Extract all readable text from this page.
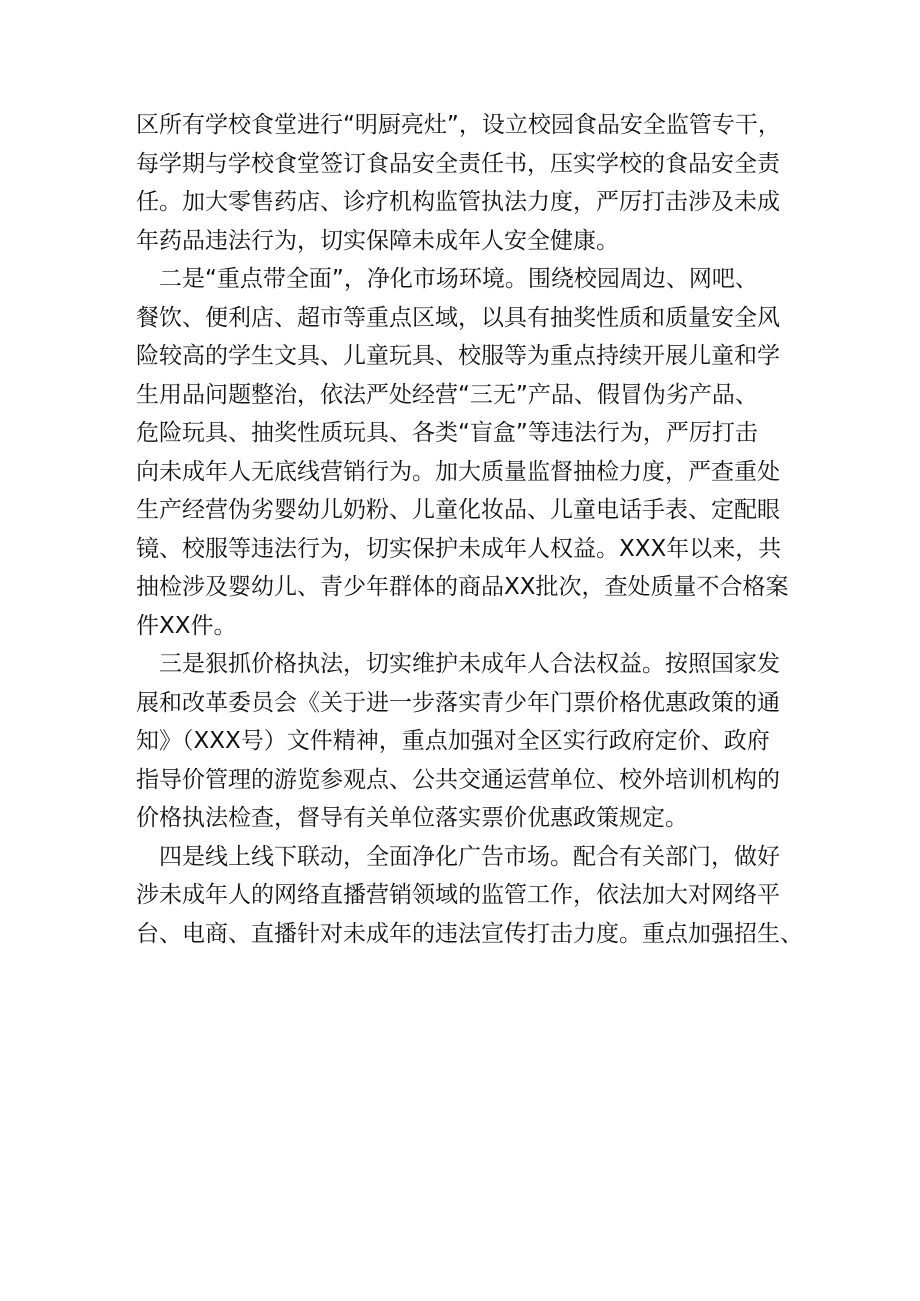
区所有学校食堂进行“明厨亮灶”，设立校园食品安全监管专干，
每学期与学校食堂签订食品安全责任书，压实学校的食品安全责
任。加大零售药店、诊疗机构监管执法力度，严厉打击涉及未成
年药品违法行为，切实保障未成年人安全健康。
二是“重点带全面”，净化市场环境。围绕校园周边、网吧、
餐饮、便利店、超市等重点区域，以具有抽奖性质和质量安全风
险较高的学生文具、儿童玩具、校服等为重点持续开展儿童和学
生用品问题整治，依法严处经营“三无”产品、假冒伪劣产品、
危险玩具、抽奖性质玩具、各类“盲盒”等违法行为，严厉打击
向未成年人无底线营销行为。加大质量监督抽检力度，严查重处
生产经营伪劣婴幼儿奶粉、儿童化妆品、儿童电话手表、定配眼
镜、校服等违法行为，切实保护未成年人权益。XXX年以来，共
抽检涉及婴幼儿、青少年群体的商品XX批次，查处质量不合格案
件XX件。
三是狠抓价格执法，切实维护未成年人合法权益。按照国家发
展和改革委员会《关于进一步落实青少年门票价格优惠政策的通
知》（XXX号）文件精神，重点加强对全区实行政府定价、政府
指导价管理的游览参观点、公共交通运营单位、校外培训机构的
价格执法检查，督导有关单位落实票价优惠政策规定。
四是线上线下联动，全面净化广告市场。配合有关部门，做好
涉未成年人的网络直播营销领域的监管工作，依法加大对网络平
台、电商、直播针对未成年的违法宣传打击力度。重点加强招生、
